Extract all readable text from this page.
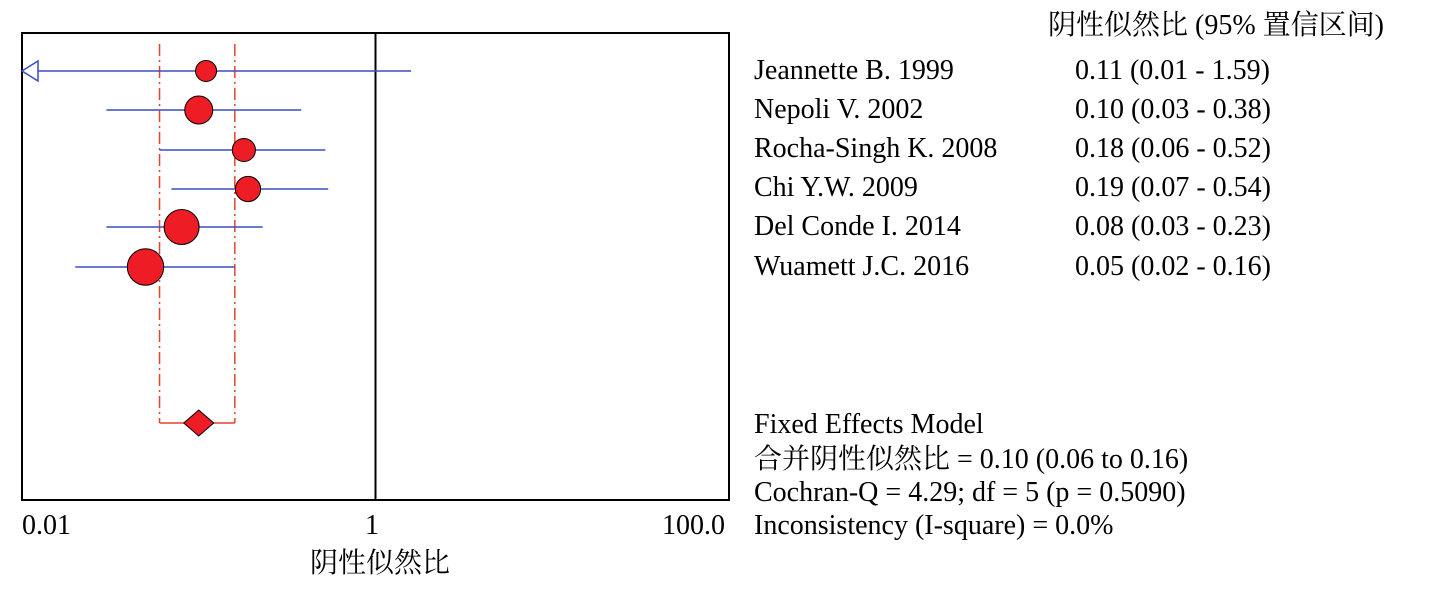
阴性似然比 (95% 置信区间)
Jeannette B. 1999	0.11 (0.01 - 1.59)
Nepoli V. 2002	0.10 (0.03 - 0.38)
Rocha-Singh K. 2008	0.18 (0.06 - 0.52)
Chi Y.W. 2009	0.19 (0.07 - 0.54)
Del Conde I. 2014	0.08 (0.03 - 0.23)
Wuamett J.C. 2016	0.05 (0.02 - 0.16)
Fixed Effects Model
合并阴性似然比 = 0.10 (0.06 to 0.16)
Cochran-Q = 4.29; df = 5 (p = 0.5090)
Inconsistency (I-square) = 0.0%
0.01	1	100.0
阴性似然比
